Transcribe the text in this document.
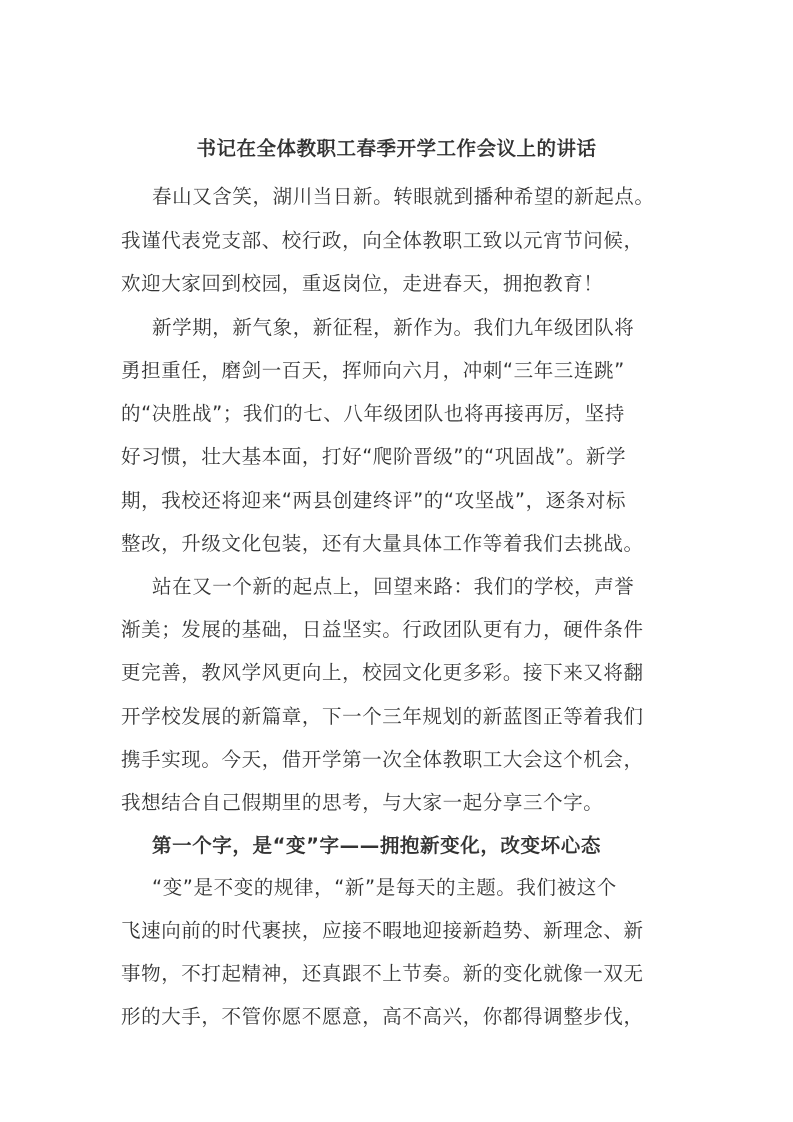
书记在全体教职工春季开学工作会议上的讲话
春山又含笑，湖川当日新。转眼就到播种希望的新起点。
我谨代表党支部、校行政，向全体教职工致以元宵节问候，
欢迎大家回到校园，重返岗位，走进春天，拥抱教育！
新学期，新气象，新征程，新作为。我们九年级团队将
勇担重任，磨剑一百天，挥师向六月，冲刺“三年三连跳”
的“决胜战”；我们的七、八年级团队也将再接再厉，坚持
好习惯，壮大基本面，打好“爬阶晋级”的“巩固战”。新学
期，我校还将迎来“两县创建终评”的“攻坚战”，逐条对标
整改，升级文化包装，还有大量具体工作等着我们去挑战。
站在又一个新的起点上，回望来路：我们的学校，声誉
渐美；发展的基础，日益坚实。行政团队更有力，硬件条件
更完善，教风学风更向上，校园文化更多彩。接下来又将翻
开学校发展的新篇章，下一个三年规划的新蓝图正等着我们
携手实现。今天，借开学第一次全体教职工大会这个机会，
我想结合自己假期里的思考，与大家一起分享三个字。
第一个字，是“变”字——拥抱新变化，改变坏心态
“变”是不变的规律，“新”是每天的主题。我们被这个
飞速向前的时代裹挟，应接不暇地迎接新趋势、新理念、新
事物，不打起精神，还真跟不上节奏。新的变化就像一双无
形的大手，不管你愿不愿意，高不高兴，你都得调整步伐，
